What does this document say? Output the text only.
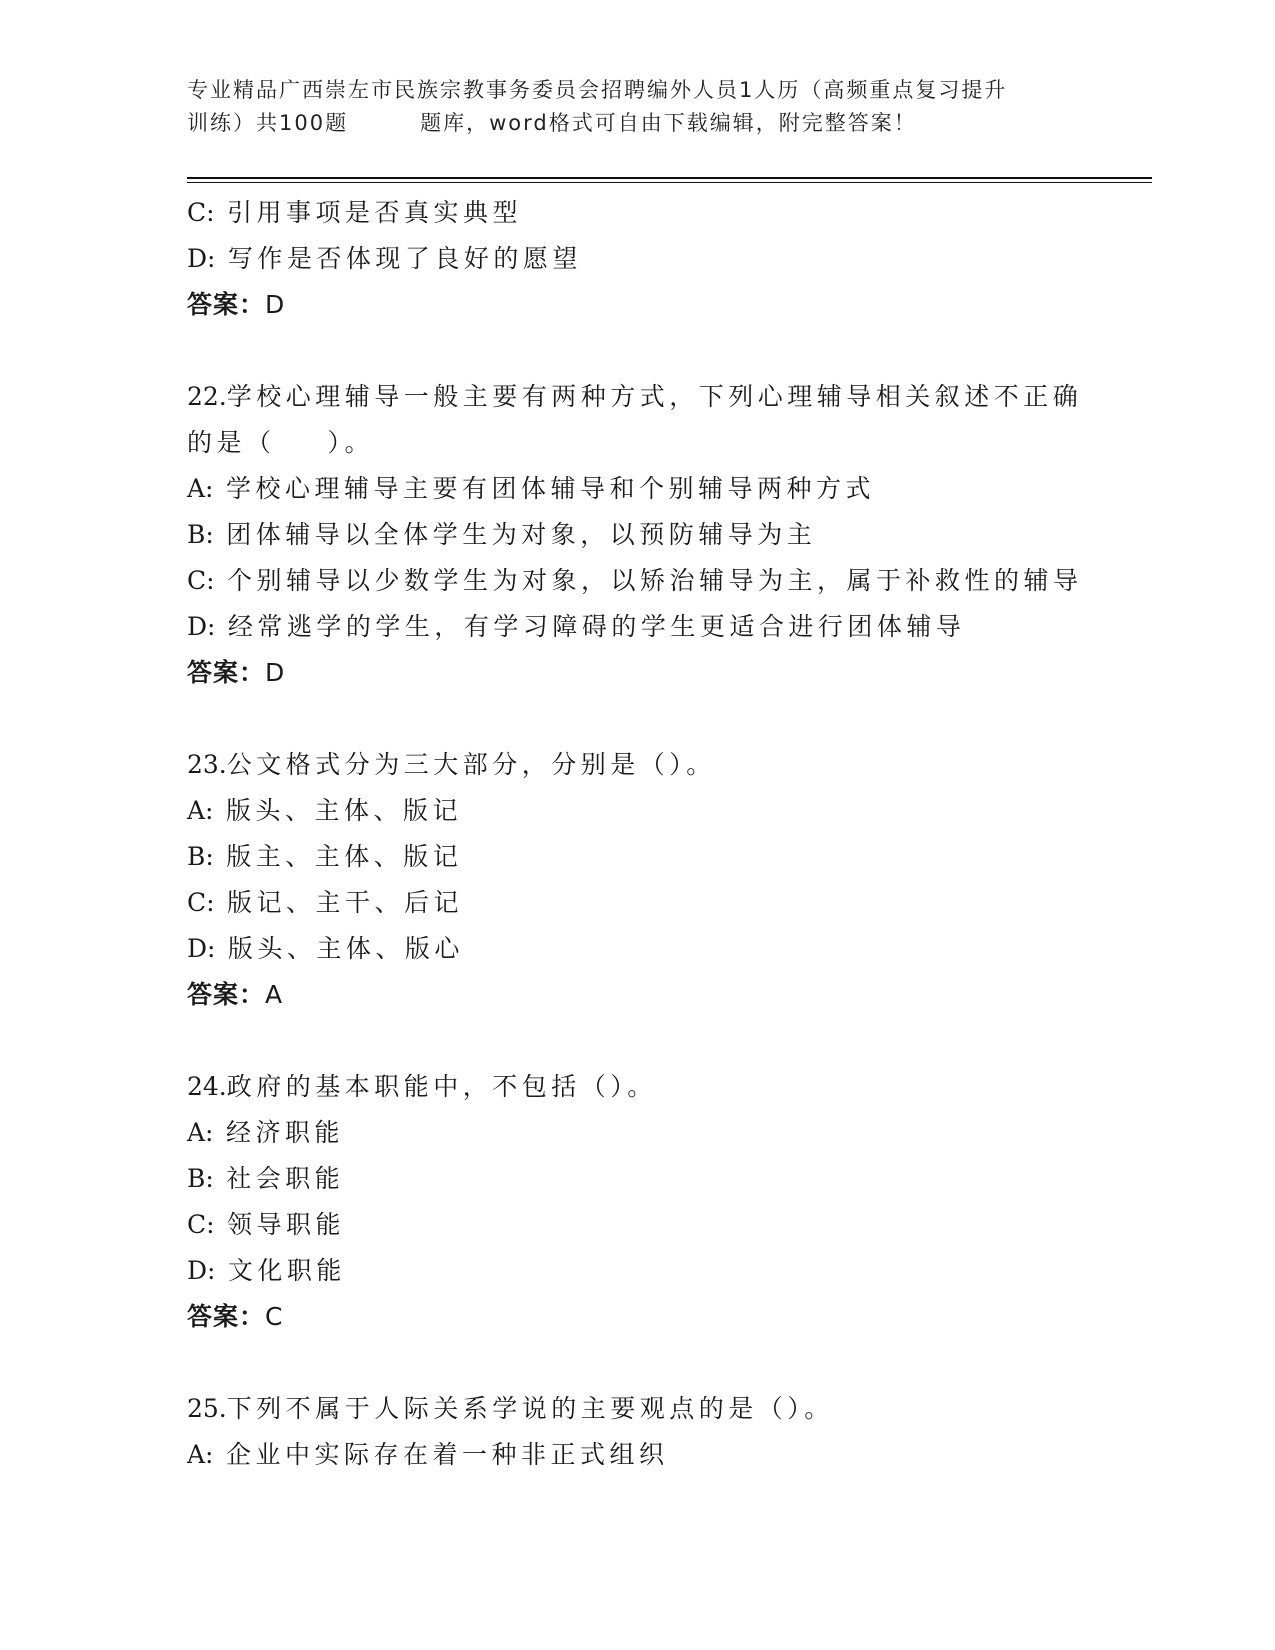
专业精品广西崇左市民族宗教事务委员会招聘编外人员1人历（高频重点复习提升
训练）共100题	题库，word格式可自由下载编辑，附完整答案！
C: 引用事项是否真实典型
D: 写作是否体现了良好的愿望
答案：D
22.学校心理辅导一般主要有两种方式，下列心理辅导相关叙述不正确
的是（ ）。
A: 学校心理辅导主要有团体辅导和个别辅导两种方式
B: 团体辅导以全体学生为对象，以预防辅导为主
C: 个别辅导以少数学生为对象，以矫治辅导为主，属于补救性的辅导
D: 经常逃学的学生，有学习障碍的学生更适合进行团体辅导
答案：D
23.公文格式分为三大部分，分别是（）。
A: 版头、主体、版记
B: 版主、主体、版记
C: 版记、主干、后记
D: 版头、主体、版心
答案：A
24.政府的基本职能中，不包括（）。
A: 经济职能
B: 社会职能
C: 领导职能
D: 文化职能
答案：C
25.下列不属于人际关系学说的主要观点的是（）。
A: 企业中实际存在着一种非正式组织
